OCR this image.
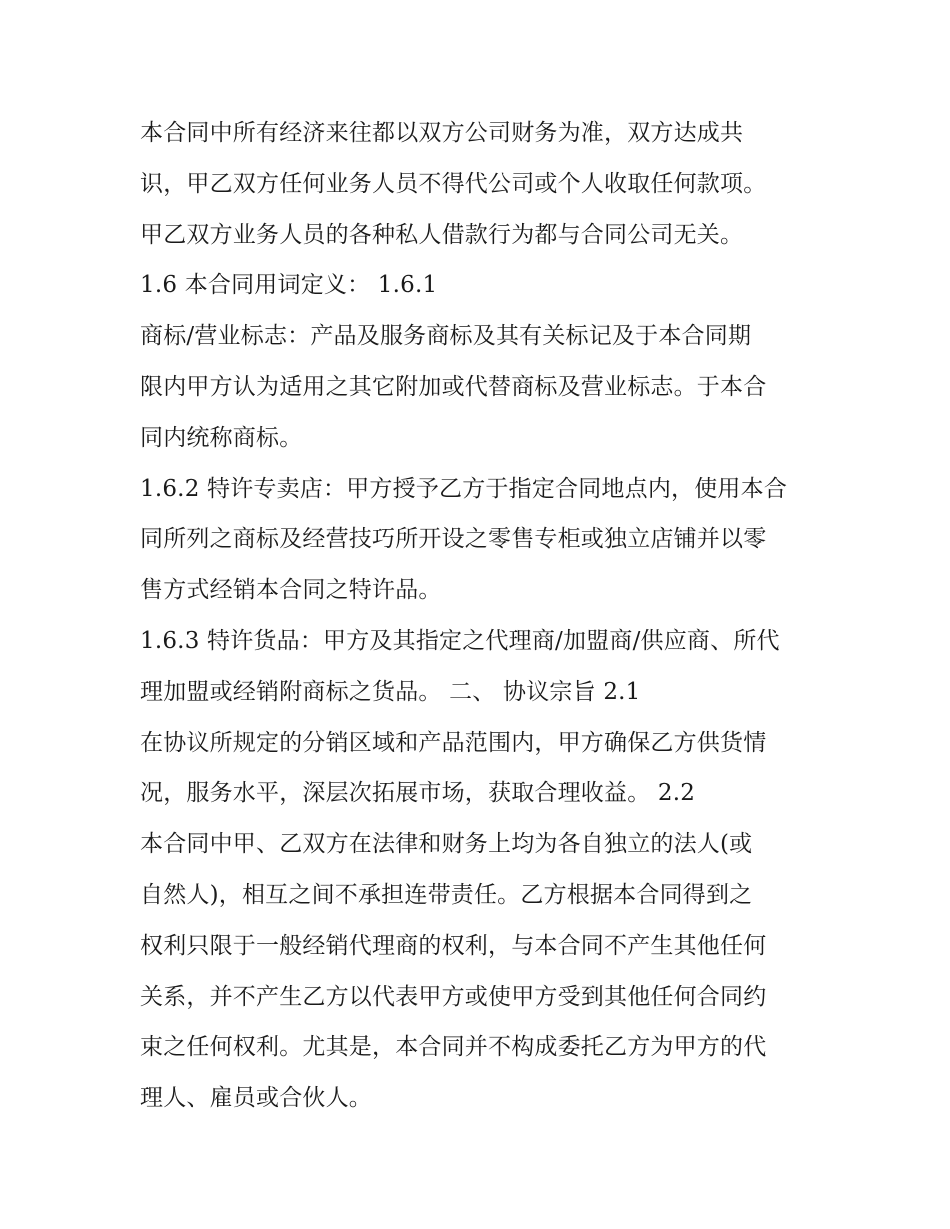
本合同中所有经济来往都以双方公司财务为准，双方达成共
识，甲乙双方任何业务人员不得代公司或个人收取任何款项。
甲乙双方业务人员的各种私人借款行为都与合同公司无关。
1.6 本合同用词定义： 1.6.1
商标/营业标志：产品及服务商标及其有关标记及于本合同期
限内甲方认为适用之其它附加或代替商标及营业标志。于本合
同内统称商标。
1.6.2 特许专卖店：甲方授予乙方于指定合同地点内，使用本合
同所列之商标及经营技巧所开设之零售专柜或独立店铺并以零
售方式经销本合同之特许品。
1.6.3 特许货品：甲方及其指定之代理商/加盟商/供应商、所代
理加盟或经销附商标之货品。 二、 协议宗旨 2.1
在协议所规定的分销区域和产品范围内，甲方确保乙方供货情
况，服务水平，深层次拓展市场，获取合理收益。 2.2
本合同中甲、乙双方在法律和财务上均为各自独立的法人(或
自然人)，相互之间不承担连带责任。乙方根据本合同得到之
权利只限于一般经销代理商的权利，与本合同不产生其他任何
关系，并不产生乙方以代表甲方或使甲方受到其他任何合同约
束之任何权利。尤其是，本合同并不构成委托乙方为甲方的代
理人、雇员或合伙人。
